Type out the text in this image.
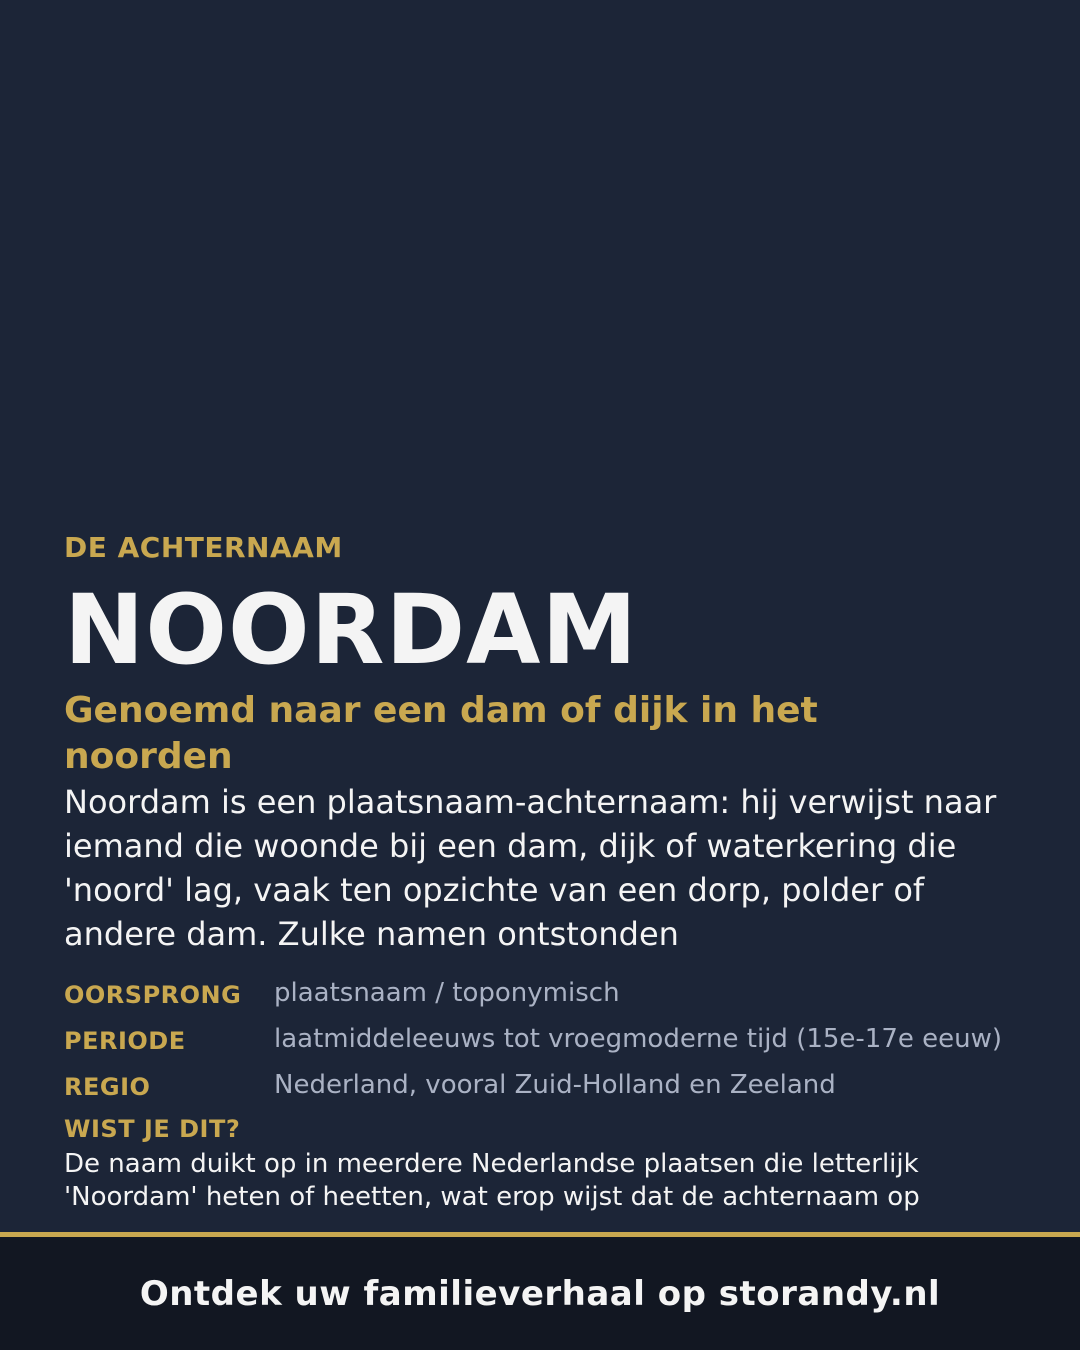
DE ACHTERNAAM
NOORDAM
Genoemd naar een dam of dijk in het noorden
Noordam is een plaatsnaam-achternaam: hij verwijst naar iemand die woonde bij een dam, dijk of waterkering die 'noord' lag, vaak ten opzichte van een dorp, polder of andere dam. Zulke namen ontstonden
OORSPRONG	plaatsnaam / toponymisch
PERIODE	laatmiddeleeuws tot vroegmoderne tijd (15e-17e eeuw)
REGIO	Nederland, vooral Zuid-Holland en Zeeland
WIST JE DIT?
De naam duikt op in meerdere Nederlandse plaatsen die letterlijk 'Noordam' heten of heetten, wat erop wijst dat de achternaam op
Ontdek uw familieverhaal op storandy.nl
